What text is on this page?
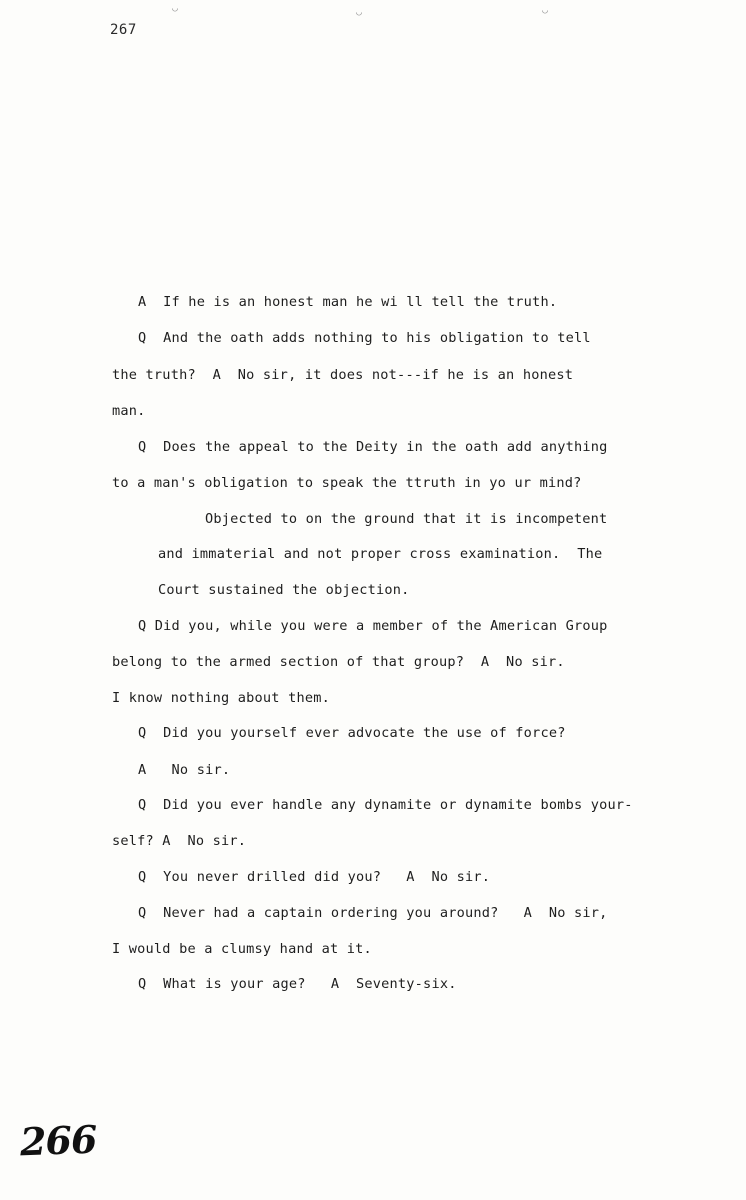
◡	◡	◡
267
A  If he is an honest man he wi ll tell the truth.
Q  And the oath adds nothing to his obligation to tell
the truth?  A  No sir, it does not---if he is an honest
man.
Q  Does the appeal to the Deity in the oath add anything
to a man's obligation to speak the ttruth in yo ur mind?
Objected to on the ground that it is incompetent
and immaterial and not proper cross examination.  The
Court sustained the objection.
Q Did you, while you were a member of the American Group
belong to the armed section of that group?  A  No sir.
I know nothing about them.
Q  Did you yourself ever advocate the use of force?
A   No sir.
Q  Did you ever handle any dynamite or dynamite bombs your-
self? A  No sir.
Q  You never drilled did you?   A  No sir.
Q  Never had a captain ordering you around?   A  No sir,
I would be a clumsy hand at it.
Q  What is your age?   A  Seventy-six.
266
